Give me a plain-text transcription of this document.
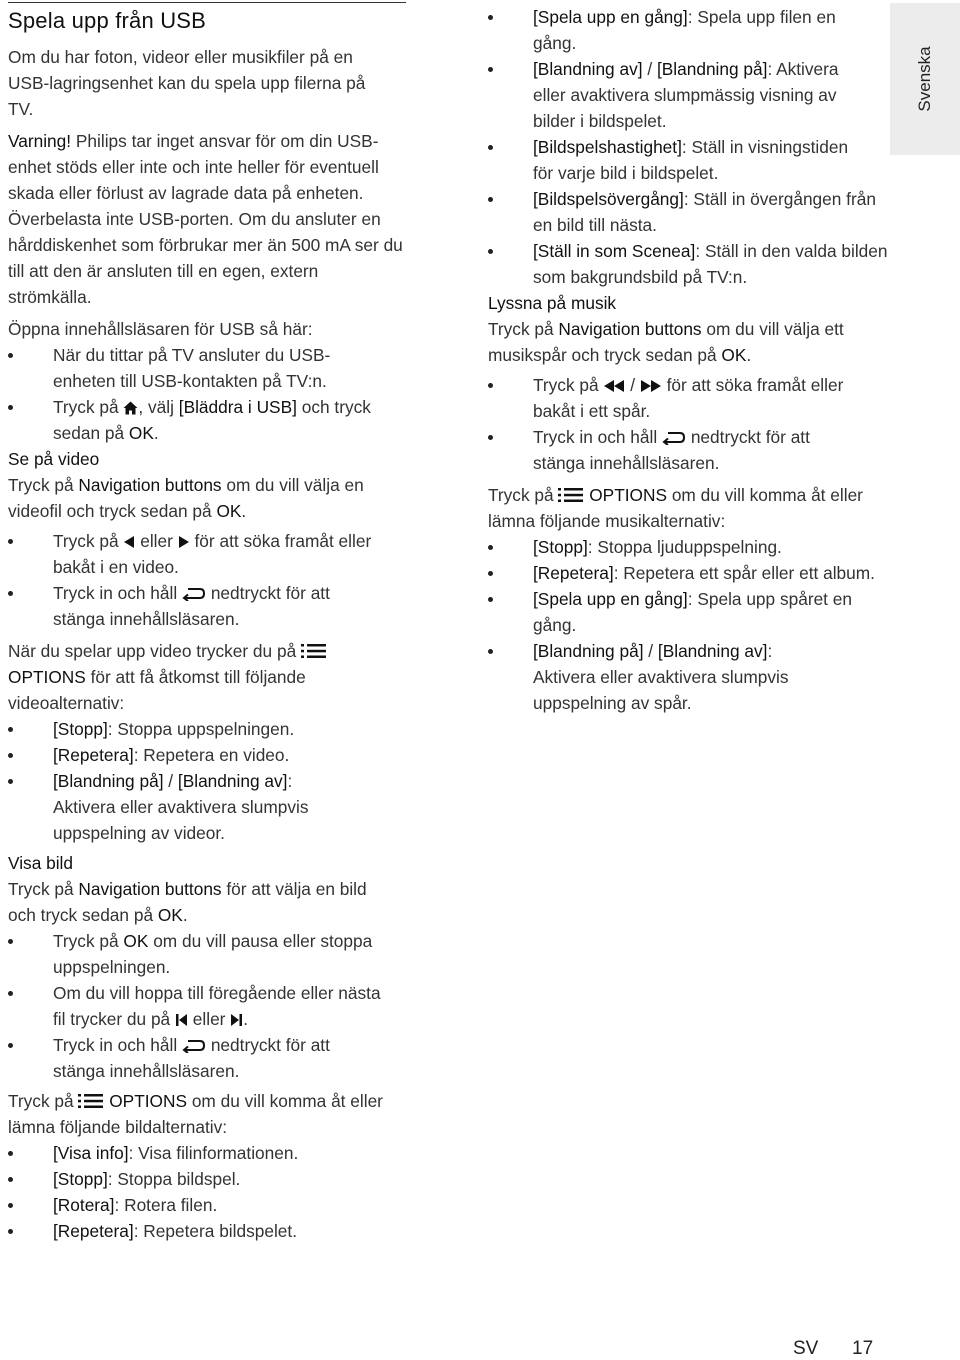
Spela upp från USB

Om du har foton, videor eller musikfiler på en USB-lagringsenhet kan du spela upp filerna på TV.

Varning! Philips tar inget ansvar för om din USB-enhet stöds eller inte och inte heller för eventuell skada eller förlust av lagrade data på enheten.

Överbelasta inte USB-porten. Om du ansluter en hårddiskenhet som förbrukar mer än 500 mA ser du till att den är ansluten till en egen, extern strömkälla.

Öppna innehållsläsaren för USB så här:

När du tittar på TV ansluter du USB-enheten till USB-kontakten på TV:n.
Tryck på , välj [Bläddra i USB] och tryck sedan på OK.
Se på video

Tryck på Navigation buttons om du vill välja en videofil och tryck sedan på OK.

Tryck på  eller  för att söka framåt eller bakåt i en video.
Tryck in och håll  nedtryckt för att stänga innehållsläsaren.

När du spelar upp video trycker du på  OPTIONS för att få åtkomst till följande videoalternativ:

[Stopp]: Stoppa uppspelningen.
[Repetera]: Repetera en video.
[Blandning på] / [Blandning av]: Aktivera eller avaktivera slumpvis uppspelning av videor.
Visa bild

Tryck på Navigation buttons för att välja en bild och tryck sedan på OK.

Tryck på OK om du vill pausa eller stoppa uppspelningen.
Om du vill hoppa till föregående eller nästa fil trycker du på  eller .
Tryck in och håll  nedtryckt för att stänga innehållsläsaren.

Tryck på  OPTIONS om du vill komma åt eller lämna följande bildalternativ:

[Visa info]: Visa filinformationen.
[Stopp]: Stoppa bildspel.
[Rotera]: Rotera filen.
[Repetera]: Repetera bildspelet.
[Spela upp en gång]: Spela upp filen en gång.
[Blandning av] / [Blandning på]: Aktivera eller avaktivera slumpmässig visning av bilder i bildspelet.
[Bildspelshastighet]: Ställ in visningstiden för varje bild i bildspelet.
[Bildspelsövergång]: Ställ in övergången från en bild till nästa.
[Ställ in som Scenea]: Ställ in den valda bilden som bakgrundsbild på TV:n.
Lyssna på musik

Tryck på Navigation buttons om du vill välja ett musikspår och tryck sedan på OK.

Tryck på  /  för att söka framåt eller bakåt i ett spår.
Tryck in och håll  nedtryckt för att stänga innehållsläsaren.

Tryck på  OPTIONS om du vill komma åt eller lämna följande musikalternativ:

[Stopp]: Stoppa ljuduppspelning.
[Repetera]: Repetera ett spår eller ett album.
[Spela upp en gång]: Spela upp spåret en gång.
[Blandning på] / [Blandning av]: Aktivera eller avaktivera slumpvis uppspelning av spår.
Svenska
SV 17
